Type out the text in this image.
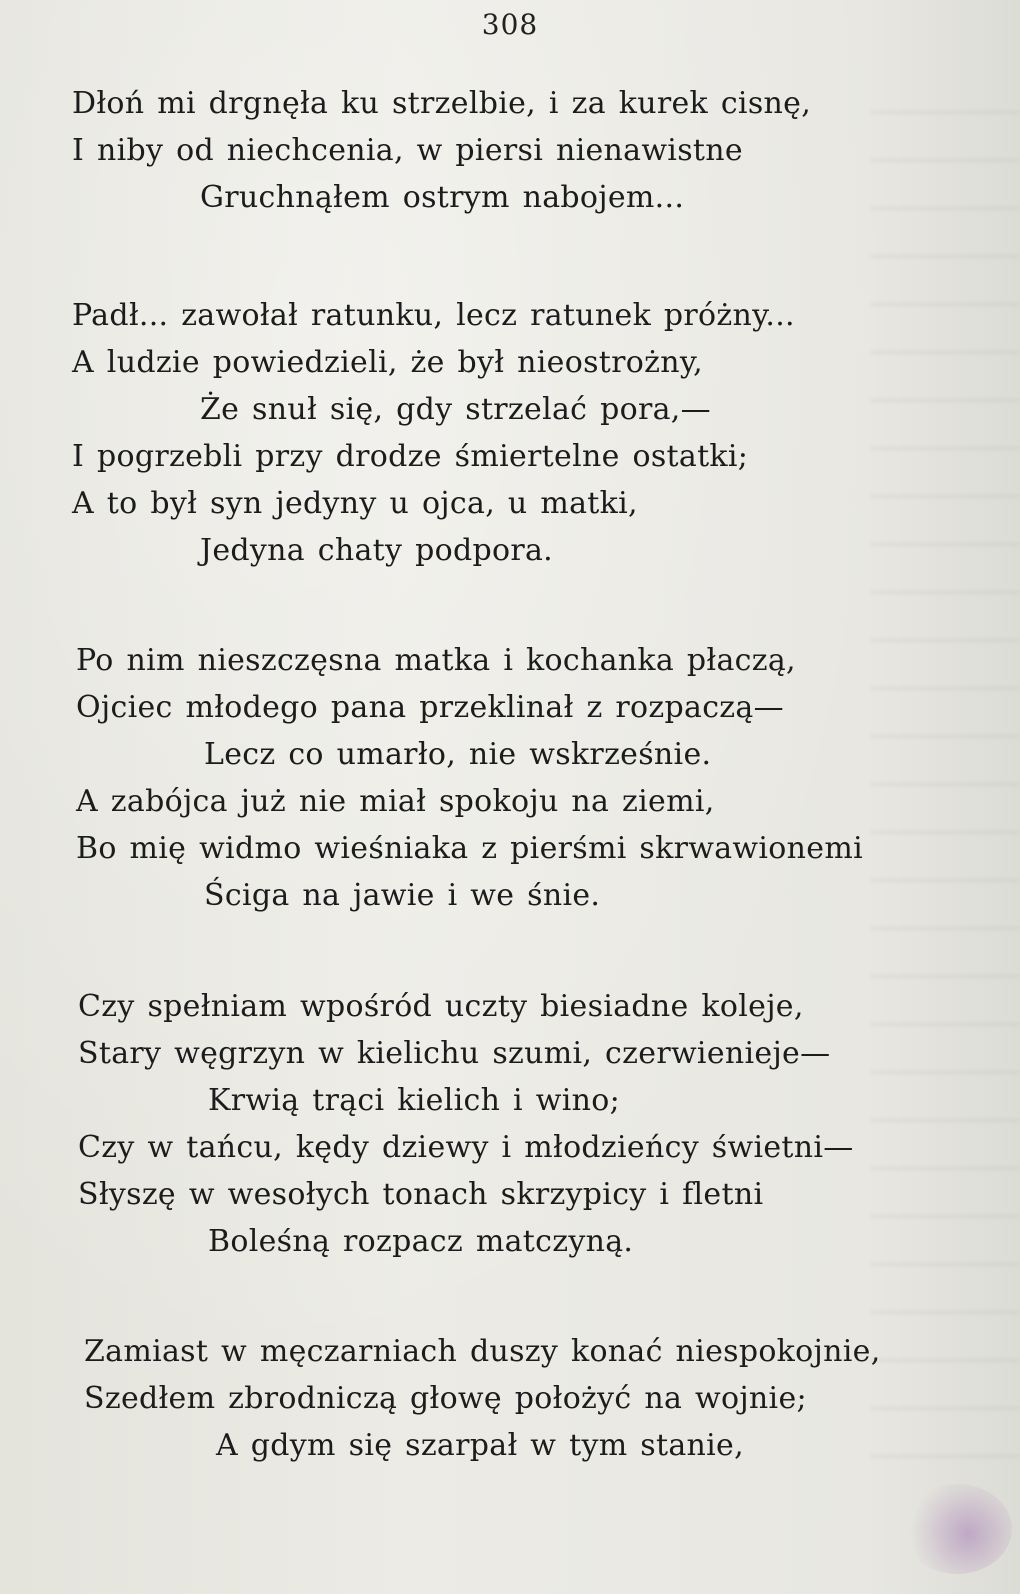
308
Dłoń mi drgnęła ku strzelbie, i za kurek cisnę,
I niby od niechcenia, w piersi nienawistne
Gruchnąłem ostrym nabojem...
Padł... zawołał ratunku, lecz ratunek próżny...
A ludzie powiedzieli, że był nieostrożny,
Że snuł się, gdy strzelać pora,—
I pogrzebli przy drodze śmiertelne ostatki;
A to był syn jedyny u ojca, u matki,
Jedyna chaty podpora.
Po nim nieszczęsna matka i kochanka płaczą,
Ojciec młodego pana przeklinał z rozpaczą—
Lecz co umarło, nie wskrześnie.
A zabójca już nie miał spokoju na ziemi,
Bo mię widmo wieśniaka z pierśmi skrwawionemi
Ściga na jawie i we śnie.
Czy spełniam wpośród uczty biesiadne koleje,
Stary węgrzyn w kielichu szumi, czerwienieje—
Krwią trąci kielich i wino;
Czy w tańcu, kędy dziewy i młodzieńcy świetni—
Słyszę w wesołych tonach skrzypicy i fletni
Boleśną rozpacz matczyną.
Zamiast w męczarniach duszy konać niespokojnie,
Szedłem zbrodniczą głowę położyć na wojnie;
A gdym się szarpał w tym stanie,
